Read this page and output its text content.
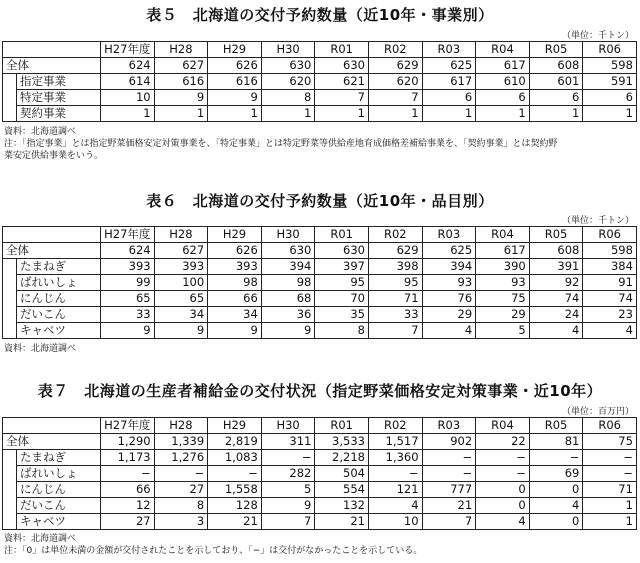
表５　北海道の交付予約数量（近10年・事業別）
（単位：千トン）
		H27年度	H28	H29	H30	R01	R02	R03	R04	R05	R06
全体		624	627	626	630	630	629	625	617	608	598
	指定事業	614	616	616	620	621	620	617	610	601	591
	特定事業	10	9	9	8	7	7	6	6	6	6
	契約事業	1	1	1	1	1	1	1	1	1	1
資料：北海道調べ
注：「指定事業」とは指定野菜価格安定対策事業を、「特定事業」とは特定野菜等供給産地育成価格差補給事業を、「契約事業」とは契約野
菜安定供給事業をいう。
表６　北海道の交付予約数量（近10年・品目別）
（単位：千トン）
		H27年度	H28	H29	H30	R01	R02	R03	R04	R05	R06
全体		624	627	626	630	630	629	625	617	608	598
	たまねぎ	393	393	393	394	397	398	394	390	391	384
	ばれいしょ	99	100	98	98	95	95	93	93	92	91
	にんじん	65	65	66	68	70	71	76	75	74	74
	だいこん	33	34	34	36	35	33	29	29	24	23
	キャベツ	9	9	9	9	8	7	4	5	4	4
資料：北海道調べ
表７　北海道の生産者補給金の交付状況（指定野菜価格安定対策事業・近10年）
（単位：百万円）
		H27年度	H28	H29	H30	R01	R02	R03	R04	R05	R06
全体		1,290	1,339	2,819	311	3,533	1,517	902	22	81	75
	たまねぎ	1,173	1,276	1,083	−	2,218	1,360	−	−	−	−
	ばれいしょ	−	−	−	282	504	−	−	−	69	−
	にんじん	66	27	1,558	5	554	121	777	0	0	71
	だいこん	12	8	128	9	132	4	21	0	4	1
	キャベツ	27	3	21	7	21	10	7	4	0	1
資料：北海道調べ
注：「0」は単位未満の金額が交付されたことを示しており、「−」は交付がなかったことを示している。
